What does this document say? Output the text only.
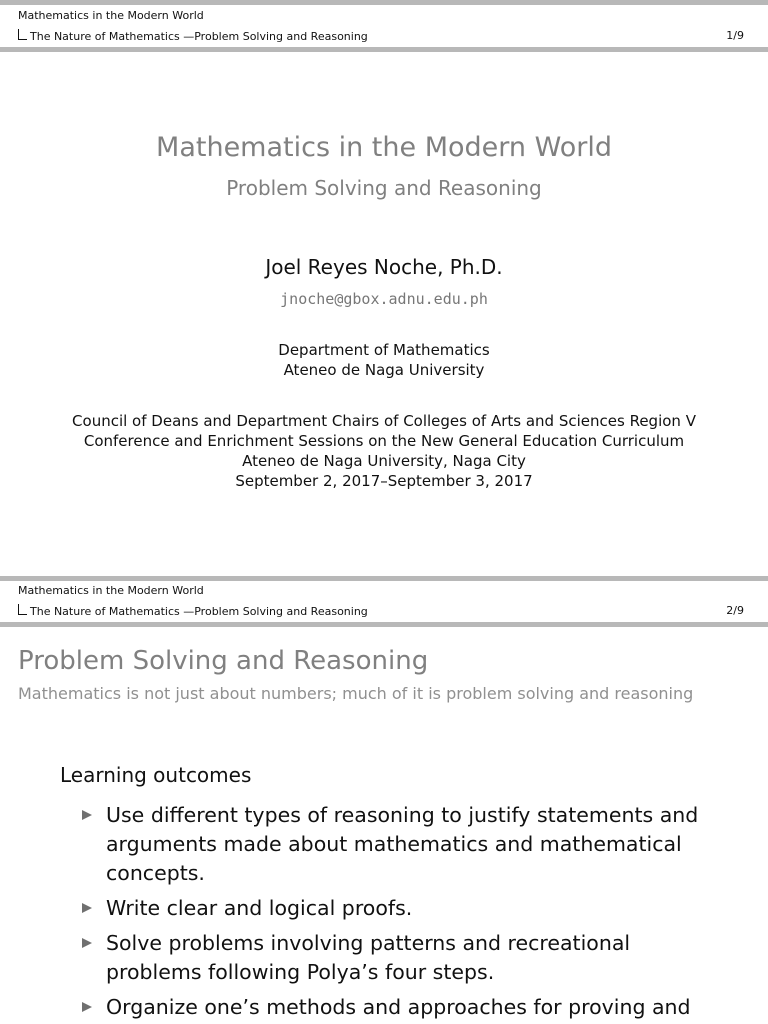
Mathematics in the Modern World
The Nature of Mathematics —Problem Solving and Reasoning	1/9
Mathematics in the Modern World
Problem Solving and Reasoning
Joel Reyes Noche, Ph.D.
jnoche@gbox.adnu.edu.ph
Department of Mathematics
Ateneo de Naga University
Council of Deans and Department Chairs of Colleges of Arts and Sciences Region V
Conference and Enrichment Sessions on the New General Education Curriculum
Ateneo de Naga University, Naga City
September 2, 2017–September 3, 2017
Mathematics in the Modern World
The Nature of Mathematics —Problem Solving and Reasoning	2/9
Problem Solving and Reasoning
Mathematics is not just about numbers; much of it is problem solving and reasoning
Learning outcomes
Use different types of reasoning to justify statements and arguments made about mathematics and mathematical concepts.
Write clear and logical proofs.
Solve problems involving patterns and recreational problems following Polya’s four steps.
Organize one’s methods and approaches for proving and
